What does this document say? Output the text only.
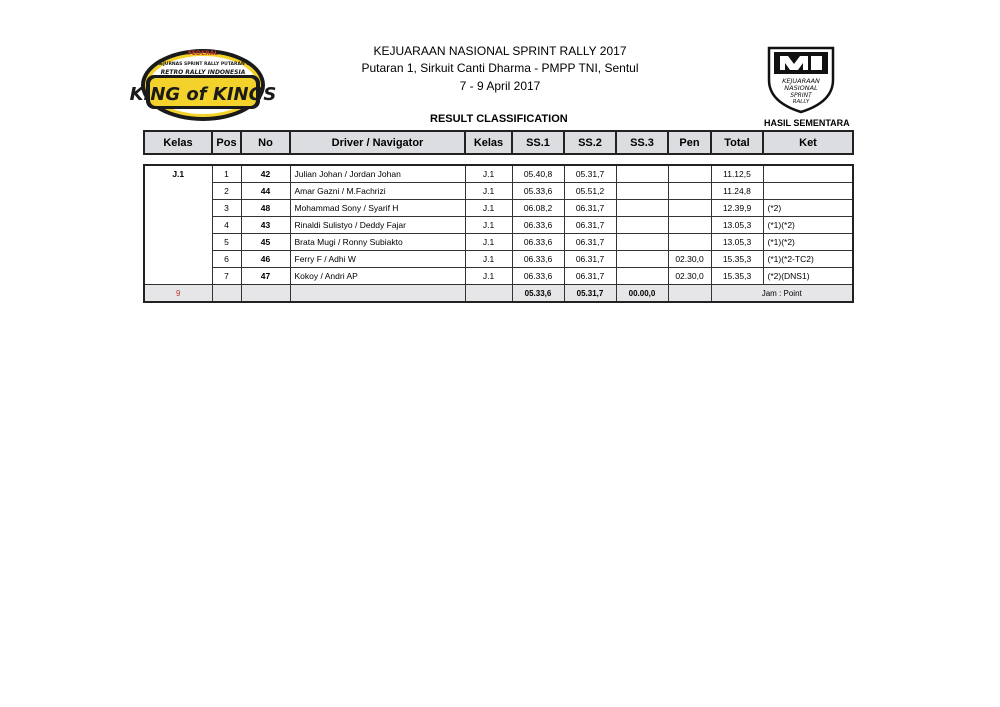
KEJUARAAN NASIONAL SPRINT RALLY 2017
Putaran 1, Sirkuit Canti Dharma - PMPP TNI, Sentul
7 - 9 April 2017
FEDERAL
KEJURNAS SPRINT RALLY PUTARAN 1
RETRO RALLY INDONESIA
KING of KINGS
KEJUARAAN
NASIONAL
SPRINT
RALLY
RESULT CLASSIFICATION	HASIL SEMENTARA
Kelas	Pos	No	Driver / Navigator	Kelas	SS.1	SS.2	SS.3	Pen	Total	Ket
J.1	1	42	Julian Johan / Jordan Johan	J.1	05.40,8	05.31,7			11.12,5	
	2	44	Amar Gazni / M.Fachrizi	J.1	05.33,6	05.51,2			11.24,8	
	3	48	Mohammad Sony / Syarif H	J.1	06.08,2	06.31,7			12.39,9	(*2)
	4	43	Rinaldi Sulistyo / Deddy Fajar	J.1	06.33,6	06.31,7			13.05,3	(*1)(*2)
	5	45	Brata Mugi / Ronny Subiakto	J.1	06.33,6	06.31,7			13.05,3	(*1)(*2)
	6	46	Ferry F / Adhi W	J.1	06.33,6	06.31,7		02.30,0	15.35,3	(*1)(*2-TC2)
	7	47	Kokoy / Andri AP	J.1	06.33,6	06.31,7		02.30,0	15.35,3	(*2)(DNS1)
9					05.33,6	05.31,7	00.00,0		Jam : Point	
